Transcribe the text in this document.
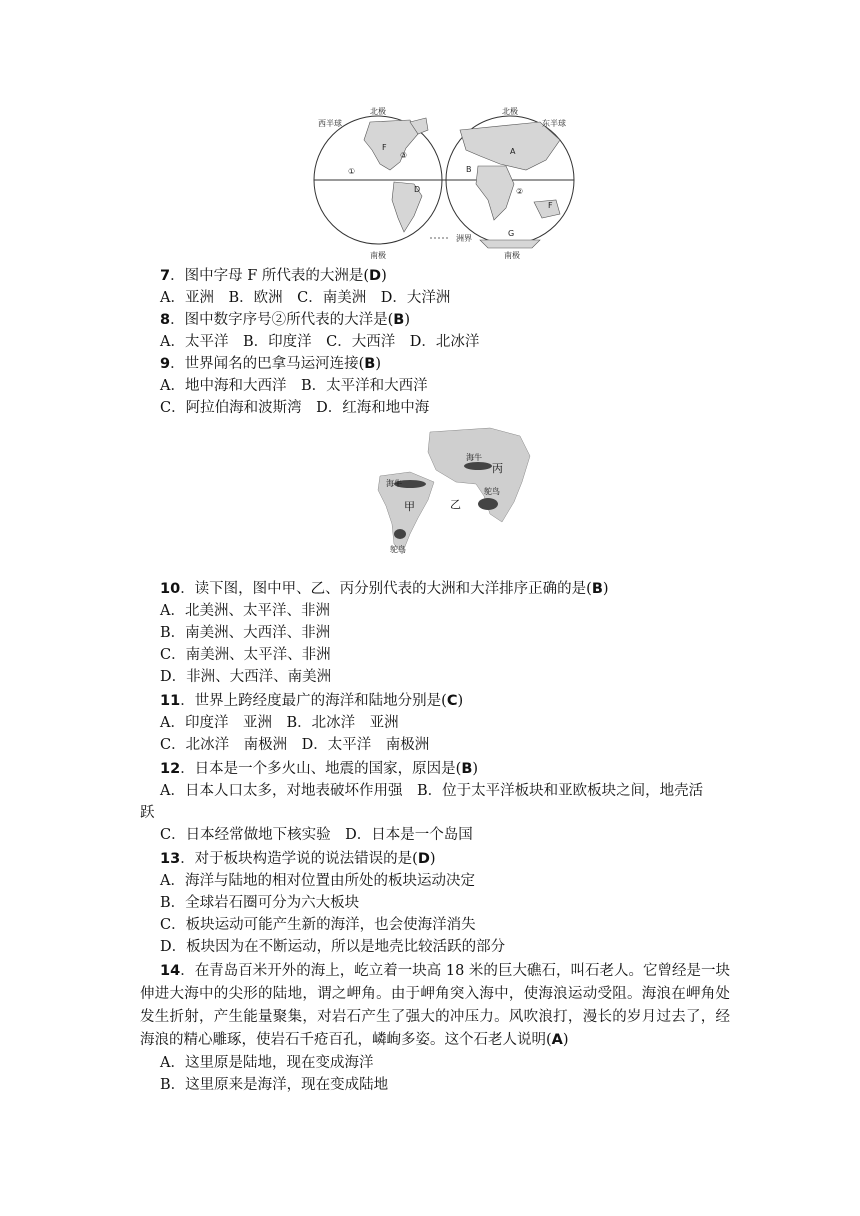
西半球	东半球
北极	北极
南极	南极
F
③
①
D
A
B
②
F
G
洲界
7．图中字母 F 所代表的大洲是(D)
A．亚洲　B．欧洲　C．南美洲　D．大洋洲
8．图中数字序号②所代表的大洋是(B)
A．太平洋　B．印度洋　C．大西洋　D．北冰洋
9．世界闻名的巴拿马运河连接(B)
A．地中海和大西洋　B．太平洋和大西洋
C．阿拉伯海和波斯湾　D．红海和地中海
海牛
海牛
鸵鸟
鸵鸟
甲	乙
丙
10．读下图，图中甲、乙、丙分别代表的大洲和大洋排序正确的是(B)
A．北美洲、太平洋、非洲
B．南美洲、大西洋、非洲
C．南美洲、太平洋、非洲
D．非洲、大西洋、南美洲
11．世界上跨经度最广的海洋和陆地分别是(C)
A．印度洋　亚洲　B．北冰洋　亚洲
C．北冰洋　南极洲　D．太平洋　南极洲
12．日本是一个多火山、地震的国家，原因是(B)
A．日本人口太多，对地表破坏作用强　B．位于太平洋板块和亚欧板块之间，地壳活
跃
C．日本经常做地下核实验　D．日本是一个岛国
13．对于板块构造学说的说法错误的是(D)
A．海洋与陆地的相对位置由所处的板块运动决定
B．全球岩石圈可分为六大板块
C．板块运动可能产生新的海洋，也会使海洋消失
D．板块因为在不断运动，所以是地壳比较活跃的部分
14．在青岛百米开外的海上，屹立着一块高 18 米的巨大礁石，叫石老人。它曾经是一块伸进大海中的尖形的陆地，谓之岬角。由于岬角突入海中，使海浪运动受阻。海浪在岬角处发生折射，产生能量聚集，对岩石产生了强大的冲压力。风吹浪打，漫长的岁月过去了，经海浪的精心雕琢，使岩石千疮百孔，嶙峋多姿。这个石老人说明(A)
A．这里原是陆地，现在变成海洋
B．这里原来是海洋，现在变成陆地
